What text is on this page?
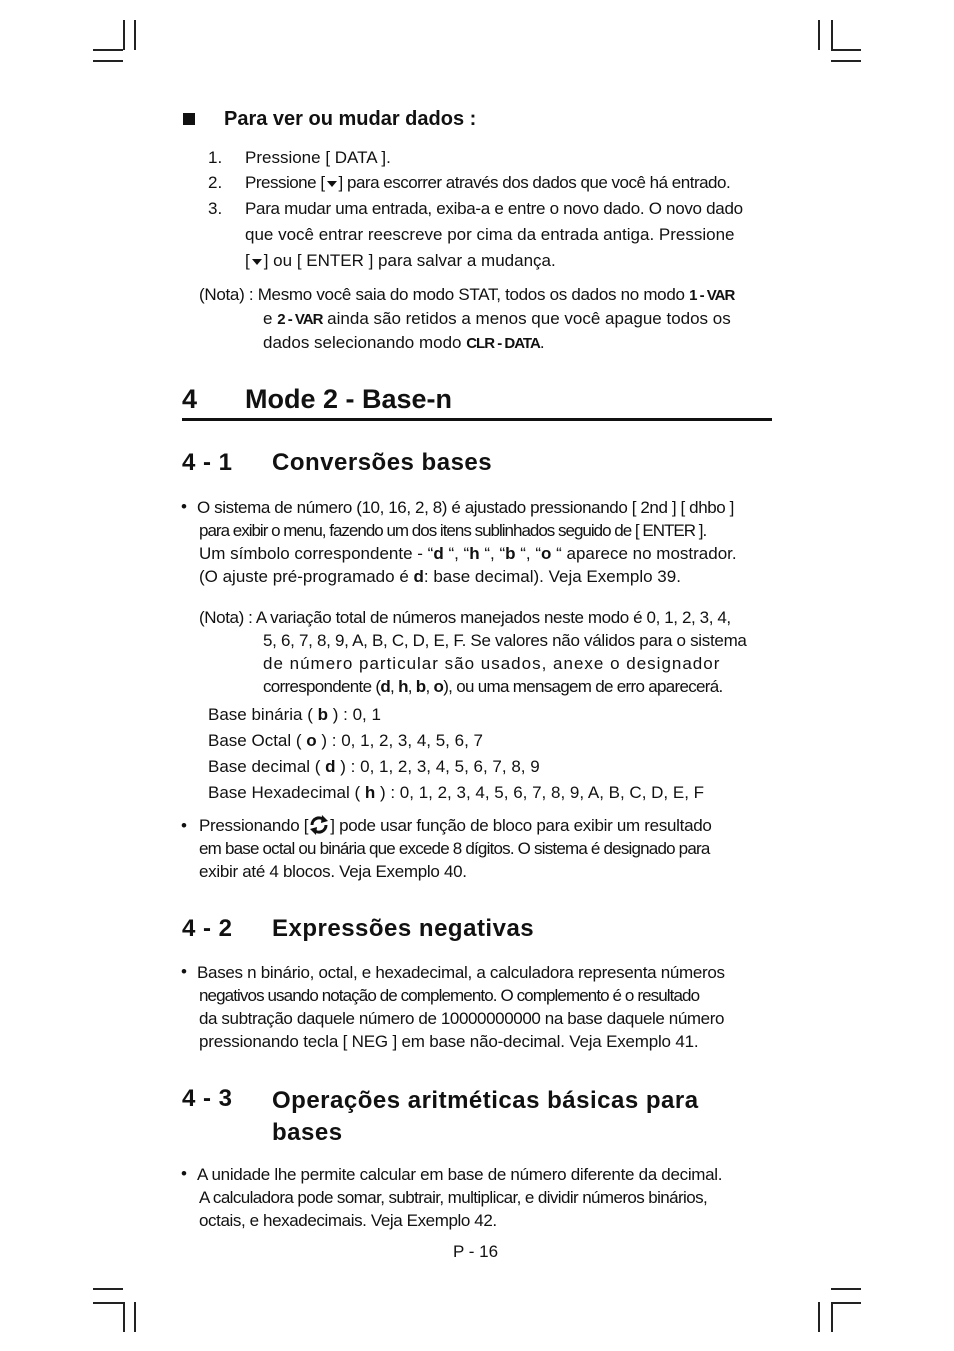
Para ver ou mudar dados :
1. Pressione [ DATA ].
2. Pressione [ ] para escorrer através dos dados que você há entrado.
3. Para mudar uma entrada, exiba-a e entre o novo dado. O novo dado
que você entrar reescreve por cima da entrada antiga. Pressione
[ ] ou [ ENTER ] para salvar a mudança.
(Nota) : Mesmo você saia do modo STAT, todos os dados no modo 1 - VAR
e 2 - VAR ainda são retidos a menos que você apague todos os
dados selecionando modo CLR - DATA.
4 Mode 2 - Base-n
4 - 1 Conversões bases
• O sistema de número (10, 16, 2, 8) é ajustado pressionando [ 2nd ] [ dhbo ]
para exibir o menu, fazendo um dos itens sublinhados seguido de [ ENTER ].
Um símbolo correspondente - “d “, “h “, “b “, “o “ aparece no mostrador.
(O ajuste pré-programado é d: base decimal). Veja Exemplo 39.
(Nota) : A variação total de números manejados neste modo é 0, 1, 2, 3, 4,
5, 6, 7, 8, 9, A, B, C, D, E, F. Se valores não válidos para o sistema
de número particular são usados, anexe o designador
correspondente (d, h, b, o), ou uma mensagem de erro aparecerá.
Base binária ( b ) : 0, 1
Base Octal ( o ) : 0, 1, 2, 3, 4, 5, 6, 7
Base decimal ( d ) : 0, 1, 2, 3, 4, 5, 6, 7, 8, 9
Base Hexadecimal ( h ) : 0, 1, 2, 3, 4, 5, 6, 7, 8, 9, A, B, C, D, E, F
• Pressionando [ ] pode usar função de bloco para exibir um resultado
em base octal ou binária que excede 8 dígitos. O sistema é designado para
exibir até 4 blocos. Veja Exemplo 40.
4 - 2 Expressões negativas
• Bases n binário, octal, e hexadecimal, a calculadora representa números
negativos usando notação de complemento. O complemento é o resultado
da subtração daquele número de 10000000000 na base daquele número
pressionando tecla [ NEG ] em base não-decimal. Veja Exemplo 41.
4 - 3 Operações aritméticas básicas para
bases
• A unidade lhe permite calcular em base de número diferente da decimal.
A calculadora pode somar, subtrair, multiplicar, e dividir números binários,
octais, e hexadecimais. Veja Exemplo 42.
P - 16
